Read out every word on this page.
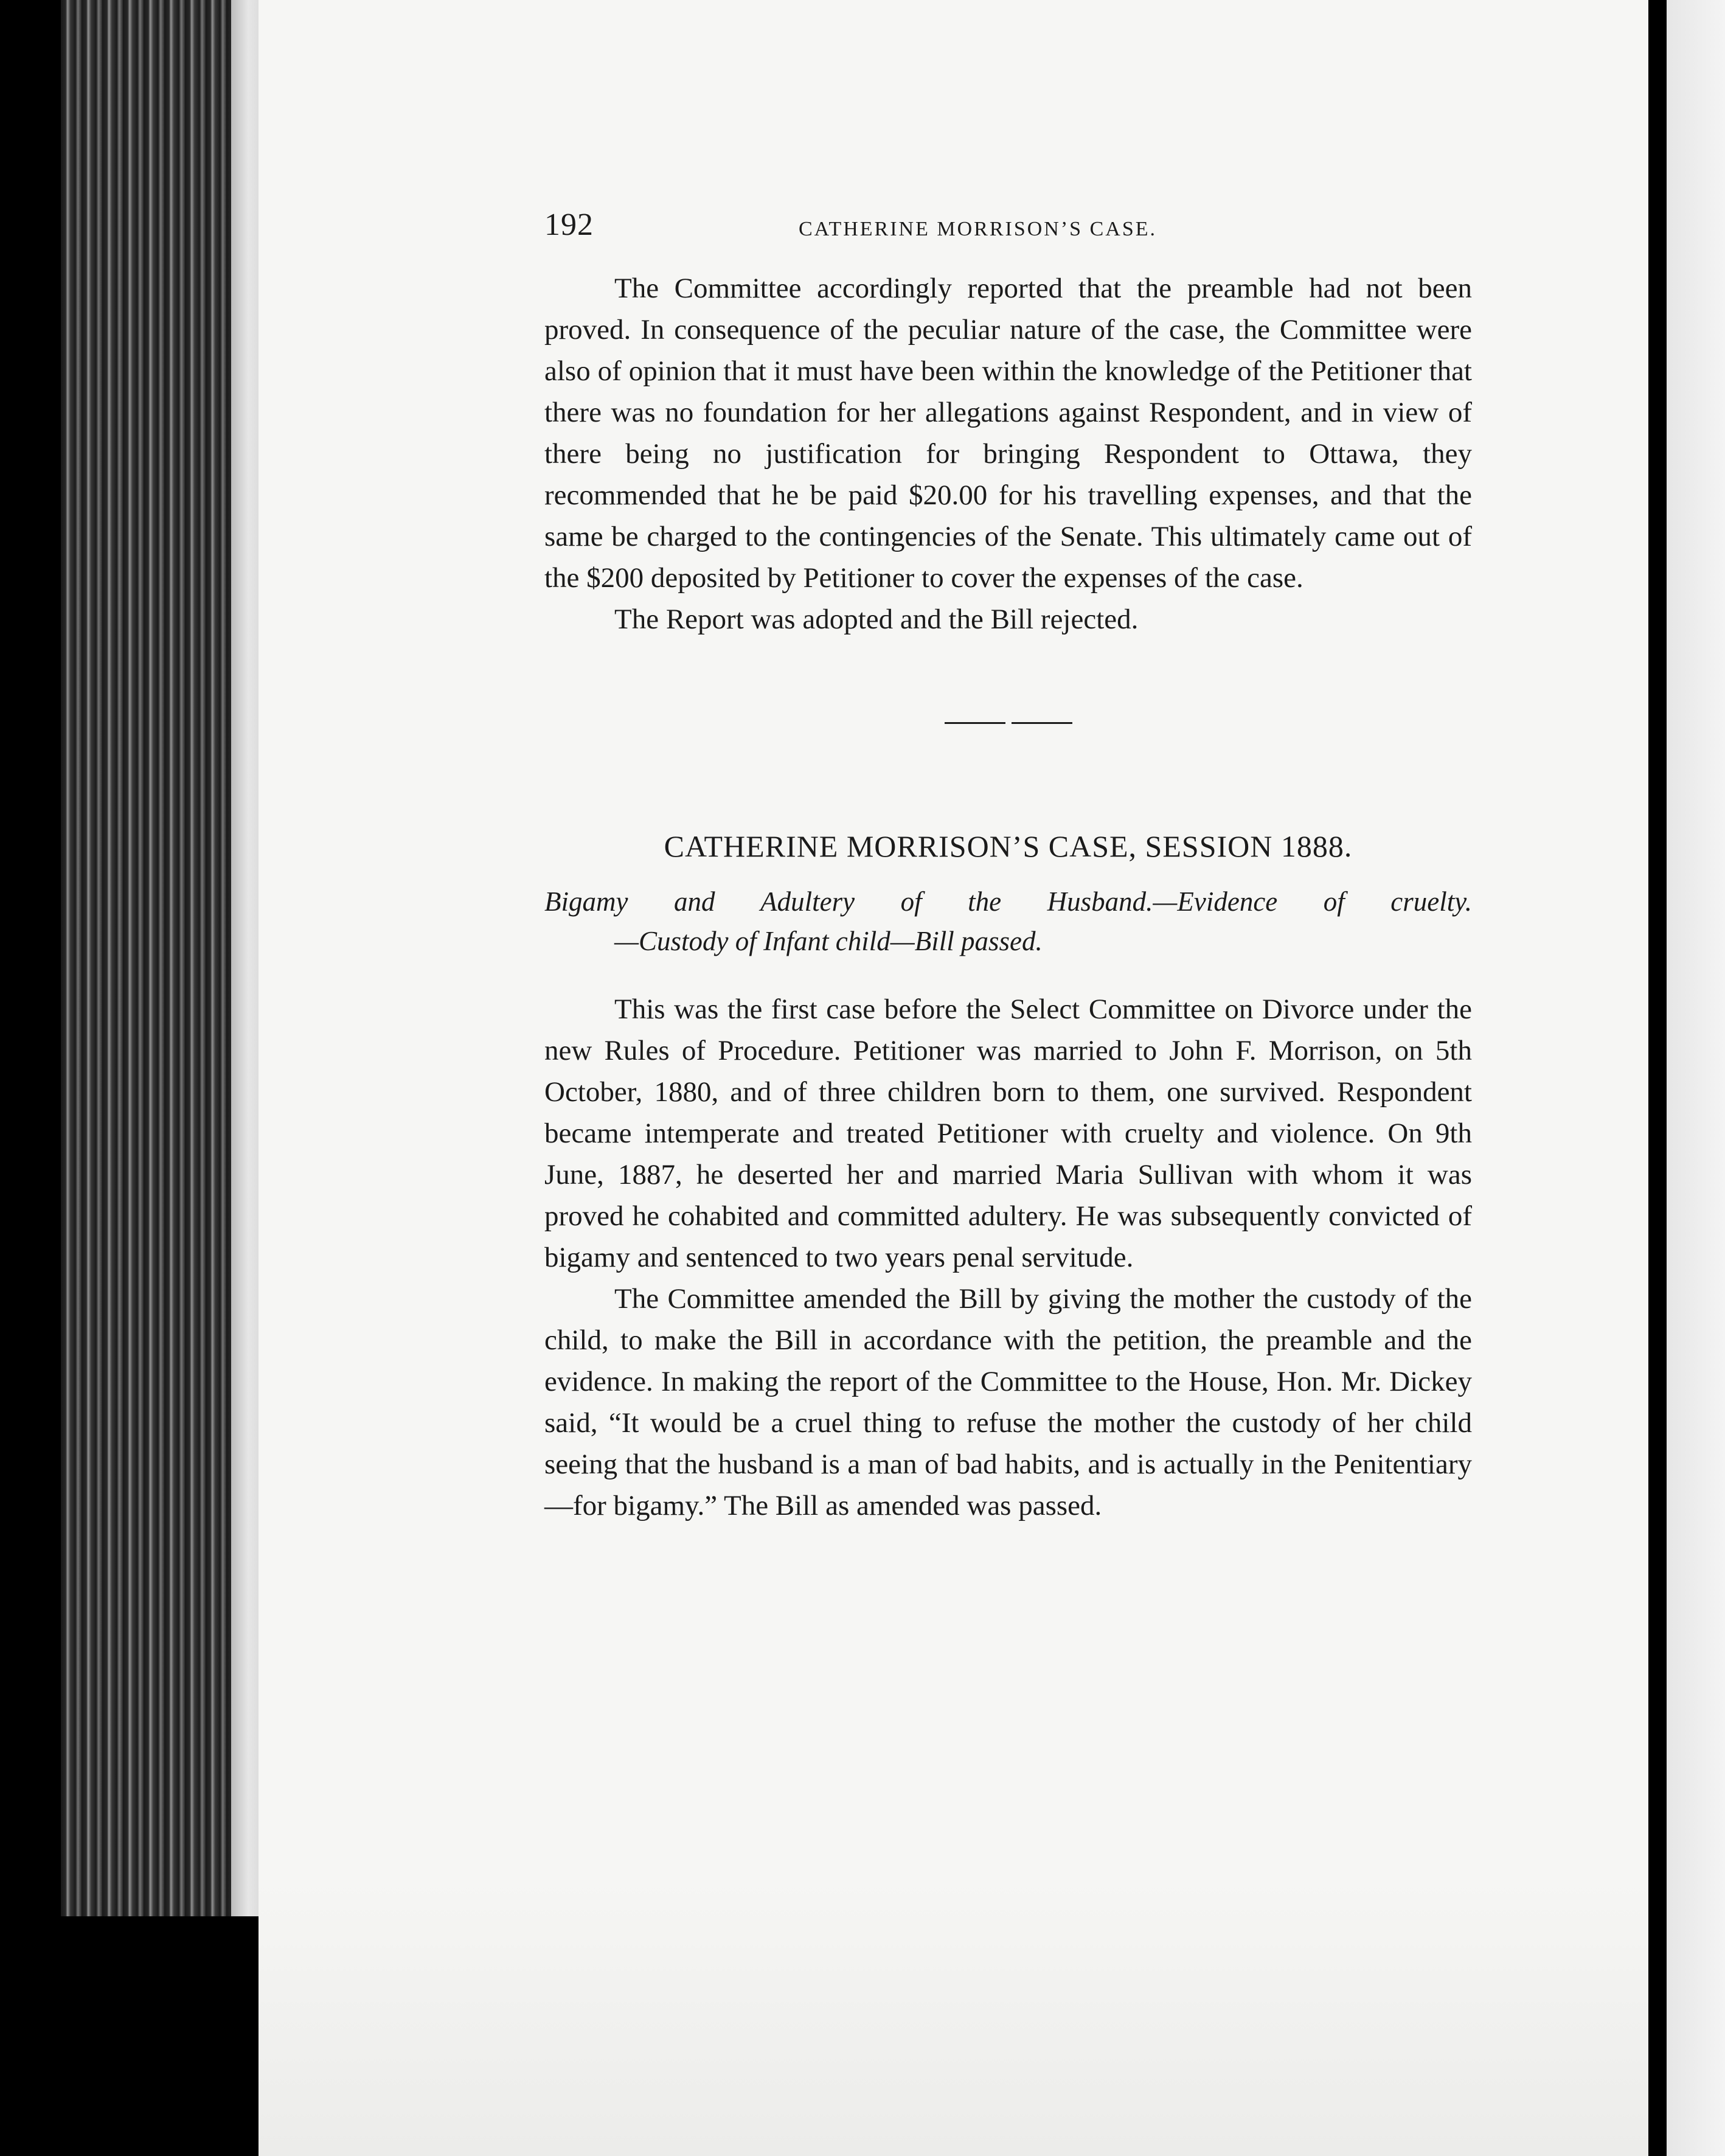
192	CATHERINE MORRISON’S CASE.

The Committee accordingly reported that the preamble had not been proved. In consequence of the peculiar nature of the case, the Committee were also of opinion that it must have been within the knowledge of the Petitioner that there was no foundation for her allegations against Respondent, and in view of there being no justification for bringing Respondent to Ottawa, they recommended that he be paid $20.00 for his travelling expenses, and that the same be charged to the contingencies of the Senate. This ultimately came out of the $200 deposited by Petitioner to cover the expenses of the case.

The Report was adopted and the Bill rejected.

CATHERINE MORRISON’S CASE, SESSION 1888.
Bigamy and Adultery of the Husband.—Evidence of cruelty.
—Custody of Infant child—Bill passed.

This was the first case before the Select Committee on Divorce under the new Rules of Procedure. Petitioner was married to John F. Morrison, on 5th October, 1880, and of three children born to them, one survived. Respondent became intemperate and treated Petitioner with cruelty and violence. On 9th June, 1887, he deserted her and married Maria Sullivan with whom it was proved he cohabited and committed adultery. He was subsequently convicted of bigamy and sentenced to two years penal servitude.

The Committee amended the Bill by giving the mother the custody of the child, to make the Bill in accordance with the petition, the preamble and the evidence. In making the report of the Committee to the House, Hon. Mr. Dickey said, “It would be a cruel thing to refuse the mother the custody of her child seeing that the husband is a man of bad habits, and is actually in the Penitentiary—for bigamy.” The Bill as amended was passed.
